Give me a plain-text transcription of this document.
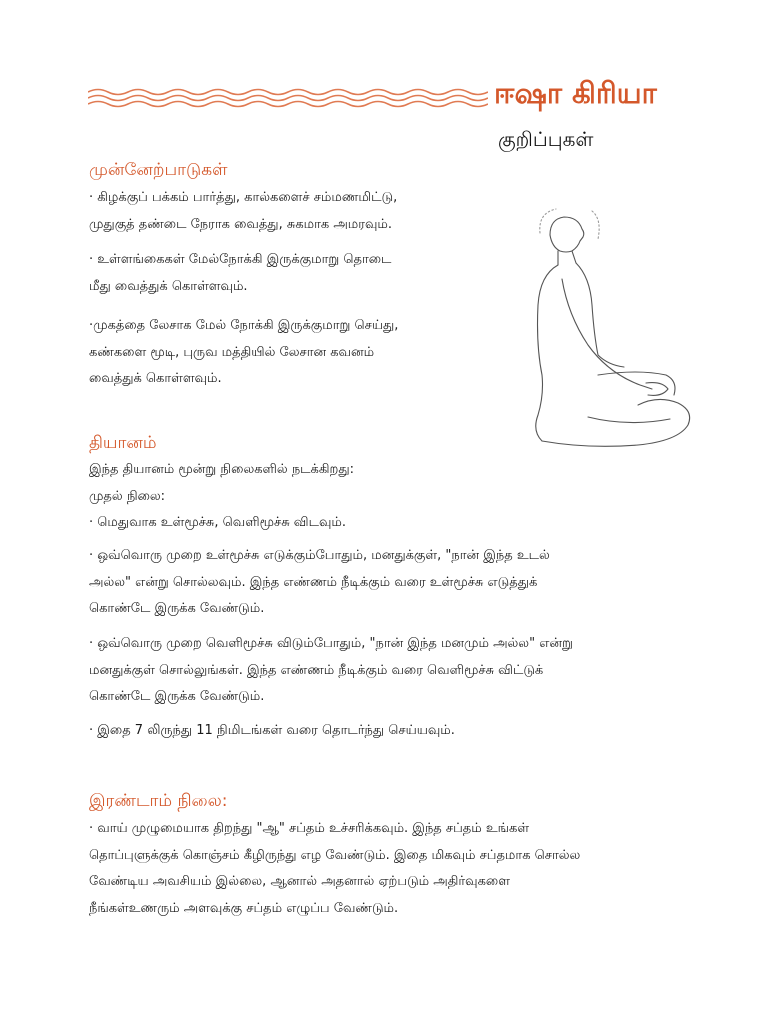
ஈஷா கிரியா
குறிப்புகள்
முன்னேற்பாடுகள்

· கிழக்குப் பக்கம் பார்த்து, கால்களைச் சம்மணமிட்டு,
முதுகுத் தண்டை நேராக வைத்து, சுகமாக அமரவும்.

· உள்ளங்கைகள் மேல்நோக்கி இருக்குமாறு தொடை
மீது வைத்துக் கொள்ளவும்.

·முகத்தை லேசாக மேல் நோக்கி இருக்குமாறு செய்து,
கண்களை மூடி, புருவ மத்தியில் லேசான கவனம்
வைத்துக் கொள்ளவும்.

தியானம்

இந்த தியானம் மூன்று நிலைகளில் நடக்கிறது:
முதல் நிலை:
· மெதுவாக உள்மூச்சு, வெளிமூச்சு விடவும்.

· ஒவ்வொரு முறை உள்மூச்சு எடுக்கும்போதும், மனதுக்குள், "நான் இந்த உடல்
அல்ல" என்று சொல்லவும். இந்த எண்ணம் நீடிக்கும் வரை உள்மூச்சு எடுத்துக்
கொண்டே இருக்க வேண்டும்.

· ஒவ்வொரு முறை வெளிமூச்சு விடும்போதும், "நான் இந்த மனமும் அல்ல" என்று
மனதுக்குள் சொல்லுங்கள். இந்த எண்ணம் நீடிக்கும் வரை வெளிமூச்சு விட்டுக்
கொண்டே இருக்க வேண்டும்.

· இதை 7 லிருந்து 11 நிமிடங்கள் வரை தொடர்ந்து செய்யவும்.

இரண்டாம் நிலை:

· வாய் முழுமையாக திறந்து "ஆ" சப்தம் உச்சரிக்கவும். இந்த சப்தம் உங்கள்
தொப்புளுக்குக் கொஞ்சம் கீழிருந்து எழ வேண்டும். இதை மிகவும் சப்தமாக சொல்ல
வேண்டிய அவசியம் இல்லை, ஆனால் அதனால் ஏற்படும் அதிர்வுகளை
நீங்கள்உணரும் அளவுக்கு சப்தம் எழுப்ப வேண்டும்.
